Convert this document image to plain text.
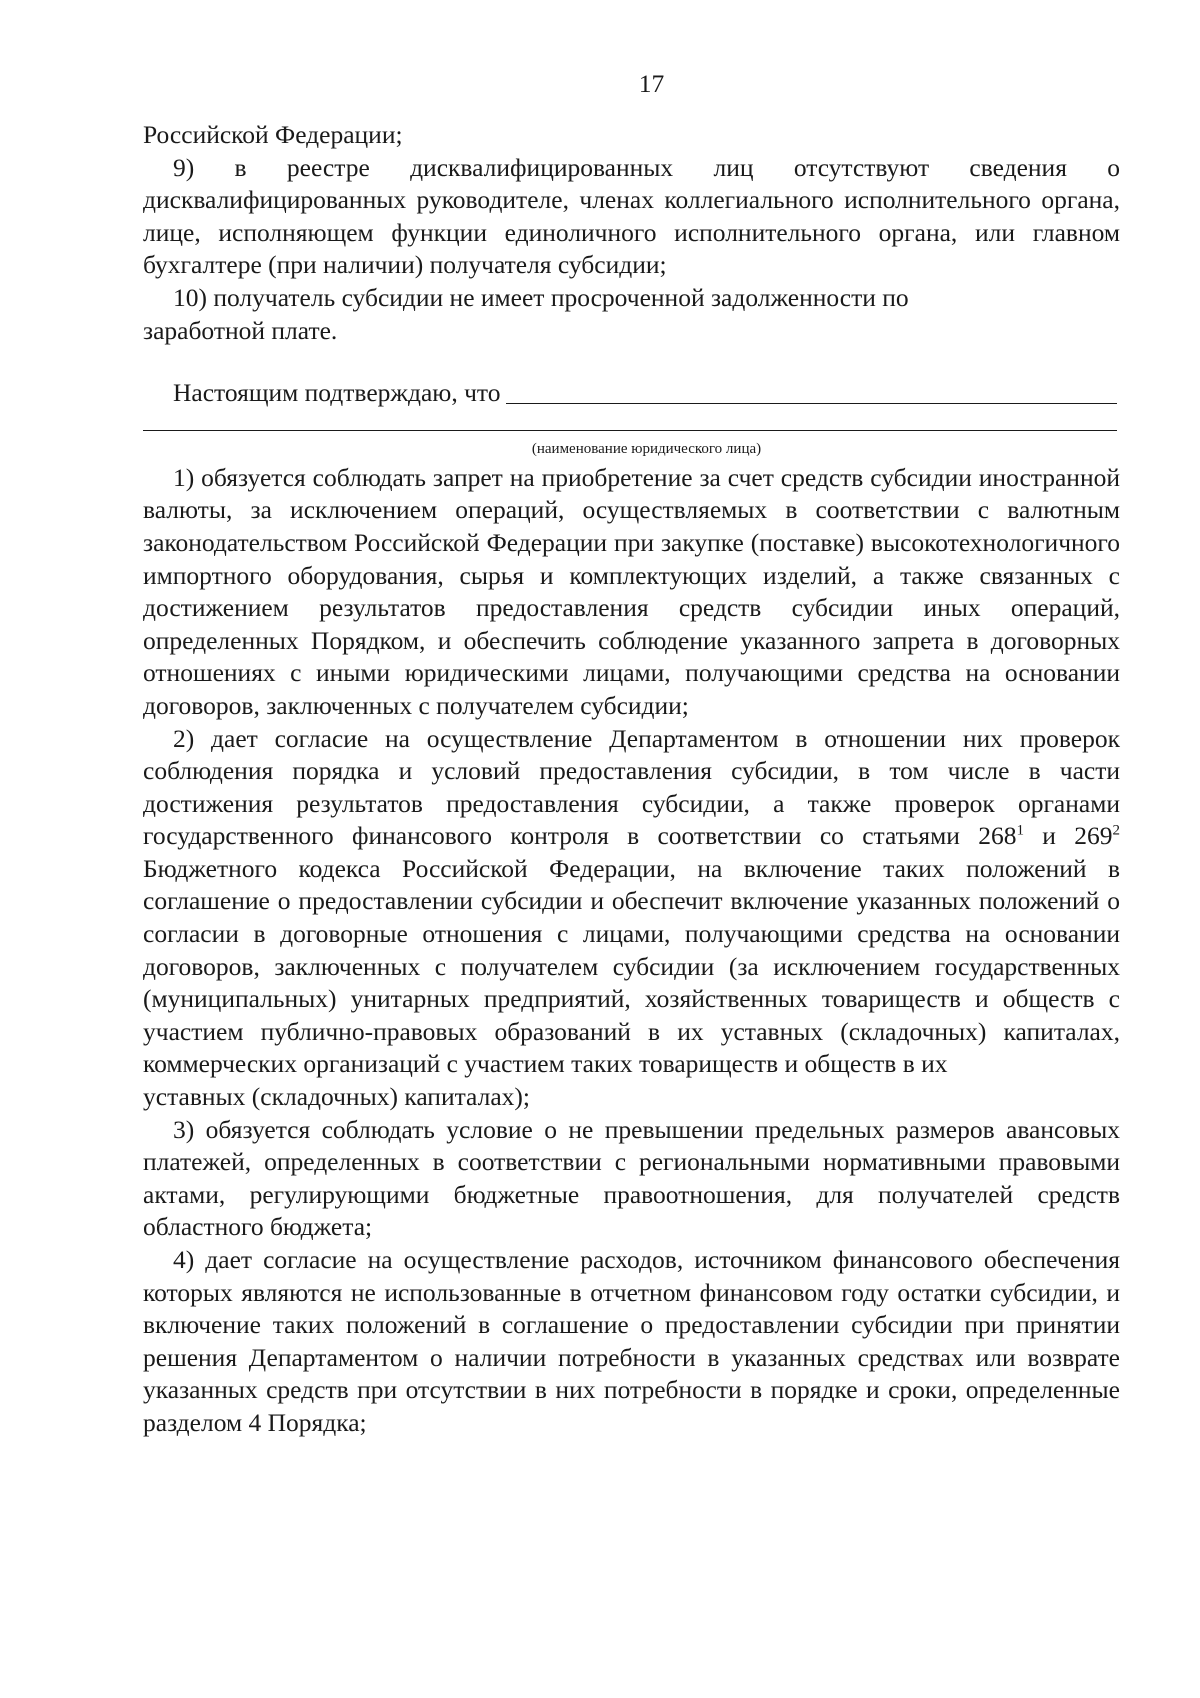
17

Российской Федерации;

9) в реестре дисквалифицированных лиц отсутствуют сведения о дисквалифицированных руководителе, членах коллегиального исполнительного органа, лице, исполняющем функции единоличного исполнительного органа, или главном бухгалтере (при наличии) получателя субсидии;

10) получатель субсидии не имеет просроченной задолженности по
заработной плате.

Настоящим подтверждаю, что
(наименование юридического лица)

1) обязуется соблюдать запрет на приобретение за счет средств субсидии иностранной валюты, за исключением операций, осуществляемых в соответствии с валютным законодательством Российской Федерации при закупке (поставке) высокотехнологичного импортного оборудования, сырья и комплектующих изделий, а также связанных с достижением результатов предоставления средств субсидии иных операций, определенных Порядком, и обеспечить соблюдение указанного запрета в договорных отношениях с иными юридическими лицами, получающими средства на основании договоров, заключенных с получателем субсидии;

2) дает согласие на осуществление Департаментом в отношении них проверок соблюдения порядка и условий предоставления субсидии, в том числе в части достижения результатов предоставления субсидии, а также проверок органами государственного финансового контроля в соответствии со статьями $268^1$ и $269^2$ Бюджетного кодекса Российской Федерации, на включение таких положений в соглашение о предоставлении субсидии и обеспечит включение указанных положений о согласии в договорные отношения с лицами, получающими средства на основании договоров, заключенных с получателем субсидии (за исключением государственных (муниципальных) унитарных предприятий, хозяйственных товариществ и обществ с участием публично-правовых образований в их уставных (складочных) капиталах, коммерческих организаций с участием таких товариществ и обществ в их

уставных (складочных) капиталах);

3) обязуется соблюдать условие о не превышении предельных размеров авансовых платежей, определенных в соответствии с региональными нормативными правовыми актами, регулирующими бюджетные правоотношения, для получателей средств областного бюджета;

4) дает согласие на осуществление расходов, источником финансового обеспечения которых являются не использованные в отчетном финансовом году остатки субсидии, и включение таких положений в соглашение о предоставлении субсидии при принятии решения Департаментом о наличии потребности в указанных средствах или возврате указанных средств при отсутствии в них потребности в порядке и сроки, определенные разделом 4 Порядка;
